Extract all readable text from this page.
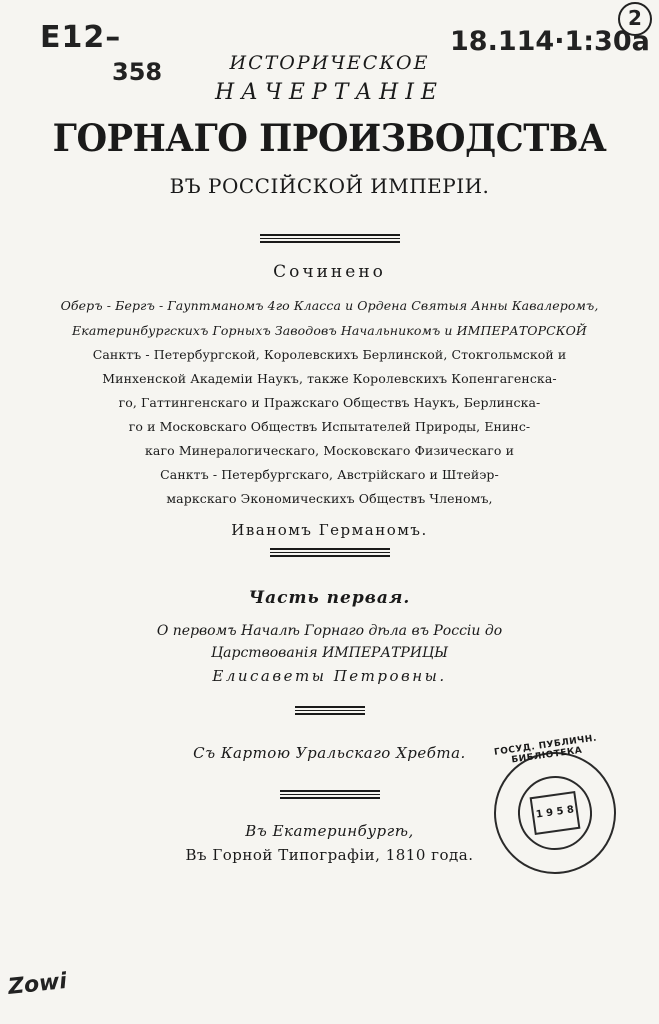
E12–
358
18.114·1:30a
2
ИСТОРИЧЕСКОЕ
НАЧЕРТАНIЕ
ГОРНАГО ПРОИЗВОДСТВА
ВЪ РОССIЙСКОЙ ИМПЕРIИ.
Сочинено
Оберъ - Бергъ - Гауптманомъ 4го Класса и Ордена Святыя Анны Кавалеромъ,
Екатеринбургскихъ Горныхъ Заводовъ Начальникомъ и ИМПЕРАТОРСКОЙ
Санктъ - Петербургской, Королевскихъ Берлинской, Стокгольмской и
Минхенской Академiи Наукъ, также Королевскихъ Копенгагенска-
го, Гаттингенскаго и Пражскаго Обществъ Наукъ, Берлинска-
го и Московскаго Обществъ Испытателей Природы, Енинс-
каго Минералогическаго, Московскаго Физическаго и
Санктъ - Петербургскаго, Австрiйскаго и Штейэр-
маркскаго Экономическихъ Обществъ Членомъ,
Иваномъ Германомъ.
Часть первая.
О первомъ Началѣ Горнаго дѣла въ Россiи до
Царствованiя ИМПЕРАТРИЦЫ
Елисаветы Петровны.
Съ Картою Уральскаго Хребта.
Въ Екатеринбургѣ,
Въ Горной Типографiи, 1810 года.
1 9 5 8
ГОСУД. ПУБЛИЧН. БИБЛIОТЕКА
Zowi
